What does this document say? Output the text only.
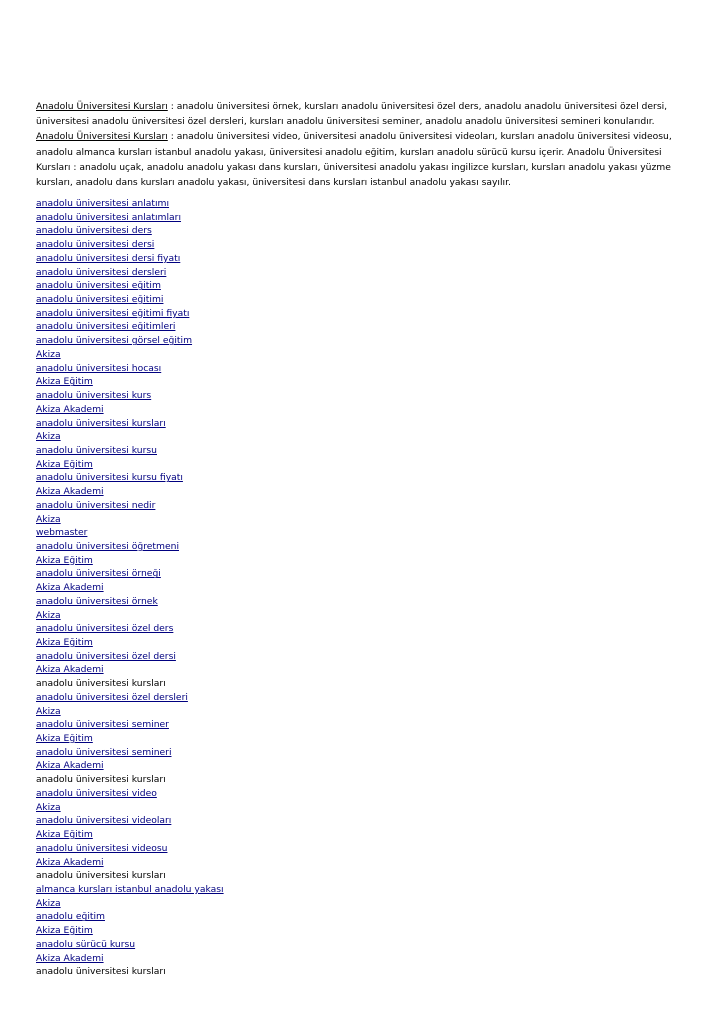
Anadolu Üniversitesi Kursları : anadolu üniversitesi örnek, kursları anadolu üniversitesi özel ders, anadolu anadolu üniversitesi özel dersi, üniversitesi anadolu üniversitesi özel dersleri, kursları anadolu üniversitesi seminer, anadolu anadolu üniversitesi semineri konularıdır. Anadolu Üniversitesi Kursları : anadolu üniversitesi video, üniversitesi anadolu üniversitesi videoları, kursları anadolu üniversitesi videosu, anadolu almanca kursları istanbul anadolu yakası, üniversitesi anadolu eğitim, kursları anadolu sürücü kursu içerir. Anadolu Üniversitesi Kursları : anadolu uçak, anadolu anadolu yakası dans kursları, üniversitesi anadolu yakası ingilizce kursları, kursları anadolu yakası yüzme kursları, anadolu dans kursları anadolu yakası, üniversitesi dans kursları istanbul anadolu yakası sayılır.

anadolu üniversitesi anlatımı
anadolu üniversitesi anlatımları
anadolu üniversitesi ders
anadolu üniversitesi dersi
anadolu üniversitesi dersi fiyatı
anadolu üniversitesi dersleri
anadolu üniversitesi eğitim
anadolu üniversitesi eğitimi
anadolu üniversitesi eğitimi fiyatı
anadolu üniversitesi eğitimleri
anadolu üniversitesi görsel eğitim
Akiza
anadolu üniversitesi hocası
Akiza Eğitim
anadolu üniversitesi kurs
Akiza Akademi
anadolu üniversitesi kursları
Akiza
anadolu üniversitesi kursu
Akiza Eğitim
anadolu üniversitesi kursu fiyatı
Akiza Akademi
anadolu üniversitesi nedir
Akiza
webmaster
anadolu üniversitesi öğretmeni
Akiza Eğitim
anadolu üniversitesi örneği
Akiza Akademi
anadolu üniversitesi örnek
Akiza
anadolu üniversitesi özel ders
Akiza Eğitim
anadolu üniversitesi özel dersi
Akiza Akademi
anadolu üniversitesi kursları
anadolu üniversitesi özel dersleri
Akiza
anadolu üniversitesi seminer
Akiza Eğitim
anadolu üniversitesi semineri
Akiza Akademi
anadolu üniversitesi kursları
anadolu üniversitesi video
Akiza
anadolu üniversitesi videoları
Akiza Eğitim
anadolu üniversitesi videosu
Akiza Akademi
anadolu üniversitesi kursları
almanca kursları istanbul anadolu yakası
Akiza
anadolu eğitim
Akiza Eğitim
anadolu sürücü kursu
Akiza Akademi
anadolu üniversitesi kursları
